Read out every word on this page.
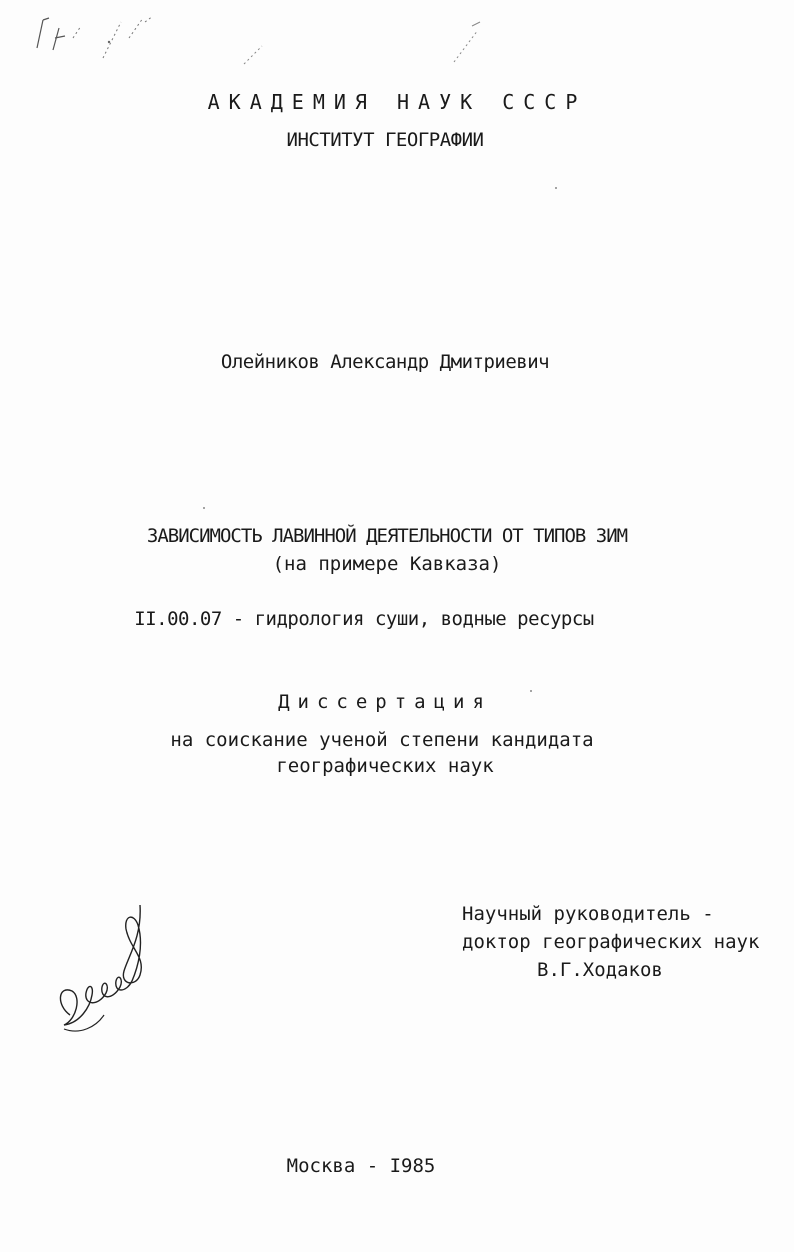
АКАДЕМИЯ НАУК СССР
ИНСТИТУТ ГЕОГРАФИИ
Олейников Александр Дмитриевич
ЗАВИСИМОСТЬ ЛАВИННОЙ ДЕЯТЕЛЬНОСТИ ОТ ТИПОВ ЗИМ
(на примере Кавказа)
II.00.07 - гидрология суши, водные ресурсы
Диссертация
на соискание ученой степени кандидата
географических наук
Научный руководитель -
доктор географических наук
В.Г.Ходаков
Москва - I985
